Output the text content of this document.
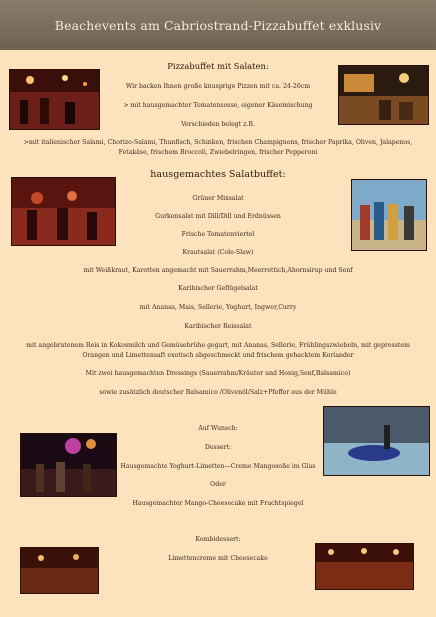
Beachevents am Cabriostrand-Pizzabuffet exklusiv
Pizzabuffet mit Salaten:
Wir backen Ihnen große knusprige Pizzen mit ca. 24-26cm
> mit hausgemachter Tomatensosse, eigener Käsemischung
Verschieden belegt z.B.
>mit italienischer Salami, Chorizo-Salami, Thunfisch, Schinken, frischen Champignons, frischer Paprika, Oliven, Jalapenos,
Fetakäse, frischem Broccoli, Zwiebelringen, frischer Pepperoni
hausgemachtes Salatbuffet:
Grüner Mixsalat
Gurkensalat mit Dill/Dill und Erdnüssen
Frische Tomatenviertel
Krautsalat (Cole-Slaw)
mit Weißkraut, Karotten angemacht mit Sauerrahm,Meerrettich,Ahornsirup und Senf
Karibischer Geflügelsalat
mit Ananas, Mais, Sellerie, Yoghurt, Ingwer,Curry
Karibischer Reissalat
mit angebratenem Reis in Kokosmilch und Gemüsebrühe gegart, mit Ananas, Sellerie, Frühlingszwiebeln, mit gepresstem
Orangen und Limettensaft exotisch abgeschmeckt und frischem gehacktem Koriander
Mit zwei hausgemachten Dressings (Sauerrahm/Kräuter und Honig,Senf,Balsamico)
sowie zusätzlich deutscher Balsamico /Olivenöl/Salz+Pfeffer aus der Mühle
Auf Wunsch:
Dessert:
Hausgemachte Yoghurt-Limetten—Creme Mangosoße im Glas
Oder
Hausgemachter Mango-Cheesecake mit Fruchtspiegel
Kombidessert:
Limettencreme mit Cheesecake
